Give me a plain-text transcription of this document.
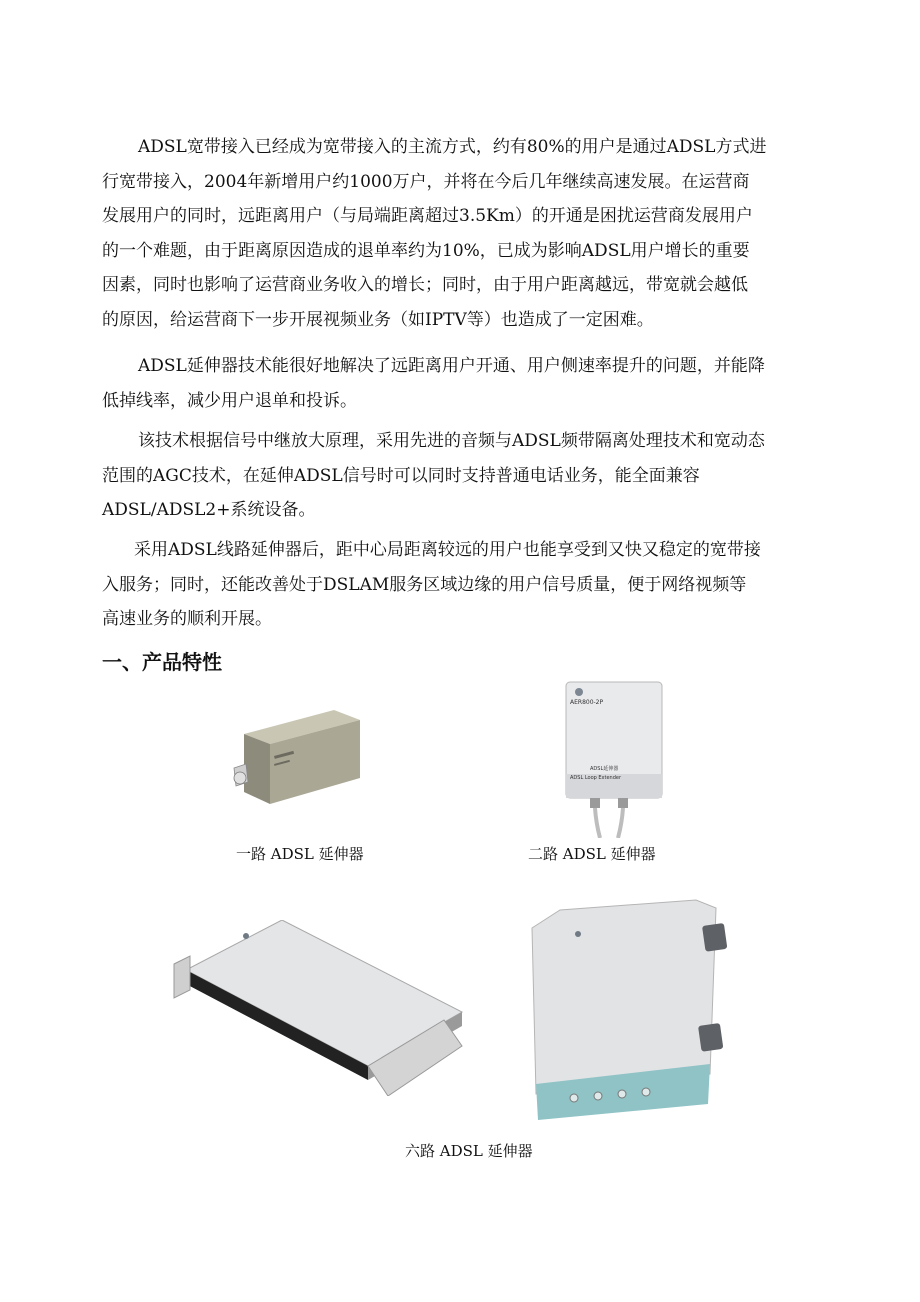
ADSL宽带接入已经成为宽带接入的主流方式，约有80%的用户是通过ADSL方式进
行宽带接入，2004年新增用户约1000万户，并将在今后几年继续高速发展。在运营商
发展用户的同时，远距离用户（与局端距离超过3.5Km）的开通是困扰运营商发展用户
的一个难题，由于距离原因造成的退单率约为10%，已成为影响ADSL用户增长的重要
因素，同时也影响了运营商业务收入的增长；同时，由于用户距离越远，带宽就会越低
的原因，给运营商下一步开展视频业务（如IPTV等）也造成了一定困难。
ADSL延伸器技术能很好地解决了远距离用户开通、用户侧速率提升的问题，并能降
低掉线率，减少用户退单和投诉。
该技术根据信号中继放大原理，采用先进的音频与ADSL频带隔离处理技术和宽动态
范围的AGC技术，在延伸ADSL信号时可以同时支持普通电话业务，能全面兼容
ADSL/ADSL2+系统设备。
采用ADSL线路延伸器后，距中心局距离较远的用户也能享受到又快又稳定的宽带接
入服务；同时，还能改善处于DSLAM服务区域边缘的用户信号质量，便于网络视频等
高速业务的顺利开展。
一、产品特性
AER800-2P
ADSL延伸器
ADSL Loop Extender
一路 ADSL 延伸器	二路 ADSL 延伸器
六路 ADSL 延伸器
